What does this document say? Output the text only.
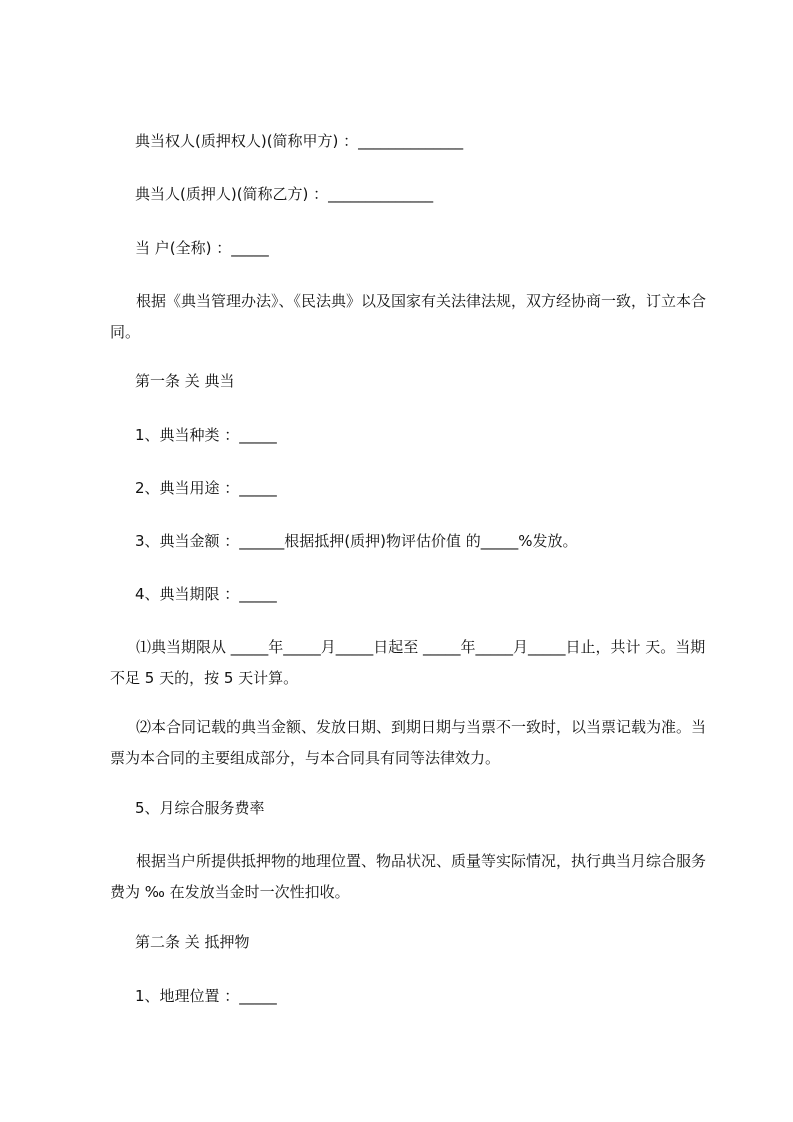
典当权人(质押权人)(简称甲方) ：______________
典当人(质押人)(简称乙方) ：______________
当 户(全称) ：_____
根据《典当管理办法》、《民法典》以及国家有关法律法规，双方经协商一致，订立本合同。
第一条 关 典当
1、典当种类 ：_____
2、典当用途 ：_____
3、典当金额 ：______根据抵押(质押)物评估价值 的_____%发放。
4、典当期限 ：_____
⑴典当期限从 _____年_____月_____日起至 _____年_____月_____日止，共计 天。当期不足 5 天的，按 5 天计算。
⑵本合同记载的典当金额、发放日期、到期日期与当票不一致时，以当票记载为准。当票为本合同的主要组成部分，与本合同具有同等法律效力。
5、月综合服务费率
根据当户所提供抵押物的地理位置、物品状况、质量等实际情况，执行典当月综合服务费为 ‰ 在发放当金时一次性扣收。
第二条 关 抵押物
1、地理位置 ：_____
